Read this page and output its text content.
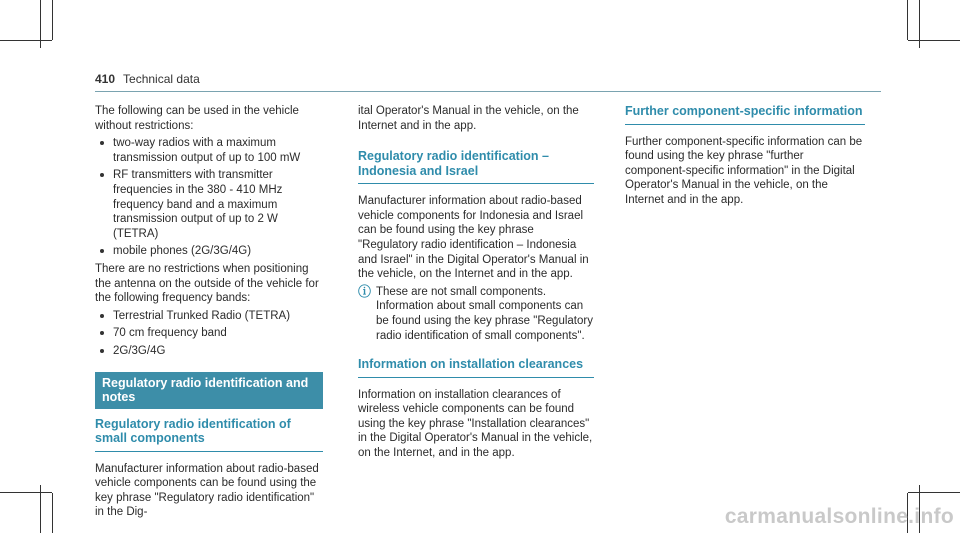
410 Technical data

The following can be used in the vehicle without restrictions:

two-way radios with a maximum transmission output of up to 100 mW
RF transmitters with transmitter frequencies in the 380 - 410 MHz frequency band and a maximum transmission output of up to 2 W (TETRA)
mobile phones (2G/3G/4G)

There are no restrictions when positioning the antenna on the outside of the vehicle for the following frequency bands:

Terrestrial Trunked Radio (TETRA)
70 cm frequency band
2G/3G/4G
Regulatory radio identification and notes
Regulatory radio identification of small components

Manufacturer information about radio-based vehicle components can be found using the key phrase "Regulatory radio identification" in the Dig-

ital Operator's Manual in the vehicle, on the Internet and in the app.

Regulatory radio identification – Indonesia and Israel

Manufacturer information about radio-based vehicle components for Indonesia and Israel can be found using the key phrase "Regulatory radio identification – Indonesia and Israel" in the Digital Operator's Manual in the vehicle, on the Internet and in the app.

ⓘ These are not small components. Information about small components can be found using the key phrase "Regulatory radio identification of small components".
Information on installation clearances

Information on installation clearances of wireless vehicle components can be found using the key phrase "Installation clearances" in the Digital Operator's Manual in the vehicle, on the Internet, and in the app.

Further component-specific information

Further component-specific information can be found using the key phrase "further component-specific information" in the Digital Operator's Manual in the vehicle, on the Internet and in the app.

carmanualsonline.info
